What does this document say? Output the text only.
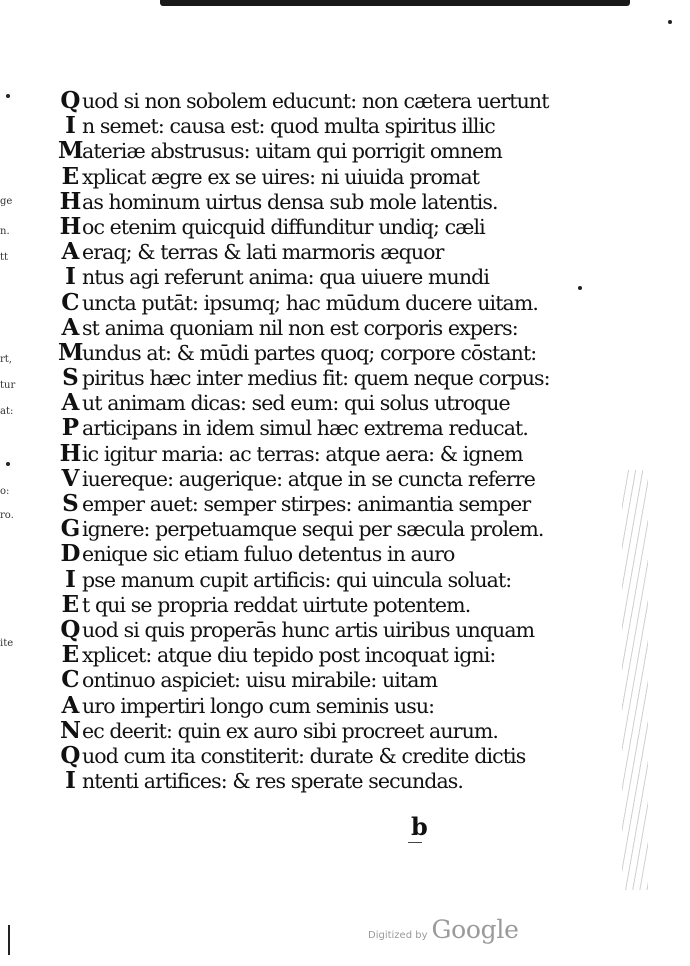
ge
n.
tt
rt,
tur
at:
o:
ro.
ite
Q uod si non sobolem educunt: non cætera uertunt
I n semet: causa est: quod multa spiritus illic
M ateriæ abstrusus: uitam qui porrigit omnem
E xplicat ægre ex se uires: ni uiuida promat
H as hominum uirtus densa sub mole latentis.
H oc etenim quicquid diffunditur undiq; cæli
A eraq; & terras & lati marmoris æquor
I ntus agi referunt anima: qua uiuere mundi
C uncta putāt: ipsumq; hac mūdum ducere uitam.
A st anima quoniam nil non est corporis expers:
M undus at: & mūdi partes quoq; corpore cōstant:
S piritus hæc inter medius fit: quem neque corpus:
A ut animam dicas: sed eum: qui solus utroque
P articipans in idem simul hæc extrema reducat.
H ic igitur maria: ac terras: atque aera: & ignem
V iuereque: augerique: atque in se cuncta referre
S emper auet: semper stirpes: animantia semper
G ignere: perpetuamque sequi per sæcula prolem.
D enique sic etiam fuluo detentus in auro
I pse manum cupit artificis: qui uincula soluat:
E t qui se propria reddat uirtute potentem.
Q uod si quis properās hunc artis uiribus unquam
E xplicet: atque diu tepido post incoquat igni:
C ontinuo aspiciet: uisu mirabile: uitam
A uro impertiri longo cum seminis usu:
N ec deerit: quin ex auro sibi procreet aurum.
Q uod cum ita constiterit: durate & credite dictis
I ntenti artifices: & res sperate secundas.
b
Digitized by Google
